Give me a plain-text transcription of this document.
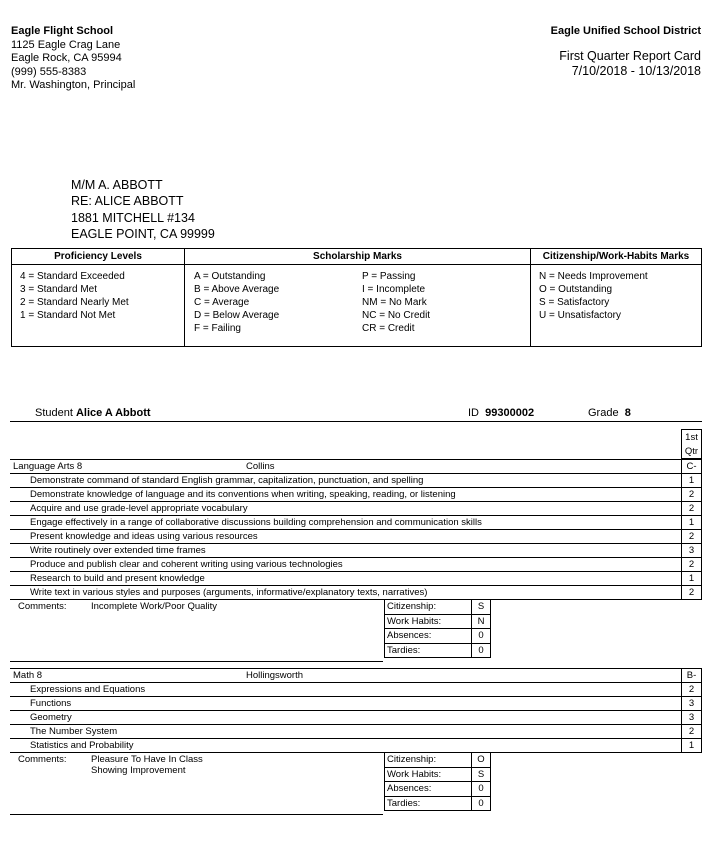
Eagle Flight School
1125 Eagle Crag Lane
Eagle Rock, CA 95994
(999) 555-8383
Mr. Washington, Principal
Eagle Unified School District
First Quarter Report Card
7/10/2018 - 10/13/2018
M/M A. ABBOTT
RE: ALICE ABBOTT
1881 MITCHELL #134
EAGLE POINT, CA 99999
Proficiency Levels
4 = Standard Exceeded
3 = Standard Met
2 = Standard Nearly Met
1 = Standard Not Met
Scholarship Marks
A = Outstanding
B = Above Average
C = Average
D = Below Average
F = Failing
P = Passing
I = Incomplete
NM = No Mark
NC = No Credit
CR = Credit
Citizenship/Work-Habits Marks
N = Needs Improvement
O = Outstanding
S = Satisfactory
U = Unsatisfactory
Student Alice A Abbott	ID 99300002	Grade 8
1st
Qtr
Language Arts 8	Collins	C-
Demonstrate command of standard English grammar, capitalization, punctuation, and spelling	1
Demonstrate knowledge of language and its conventions when writing, speaking, reading, or listening	2
Acquire and use grade-level appropriate vocabulary	2
Engage effectively in a range of collaborative discussions building comprehension and communication skills	1
Present knowledge and ideas using various resources	2
Write routinely over extended time frames	3
Produce and publish clear and coherent writing using various technologies	2
Research to build and present knowledge	1
Write text in various styles and purposes (arguments, informative/explanatory texts, narratives)	2
Comments:	Incomplete Work/Poor Quality	Citizenship:	S
Work Habits:	N
Absences:	0
Tardies:	0
Math 8	Hollingsworth	B-
Expressions and Equations	2
Functions	3
Geometry	3
The Number System	2
Statistics and Probability	1
Comments:	Pleasure To Have In Class
Showing Improvement
Citizenship:	O
Work Habits:	S
Absences:	0
Tardies:	0
